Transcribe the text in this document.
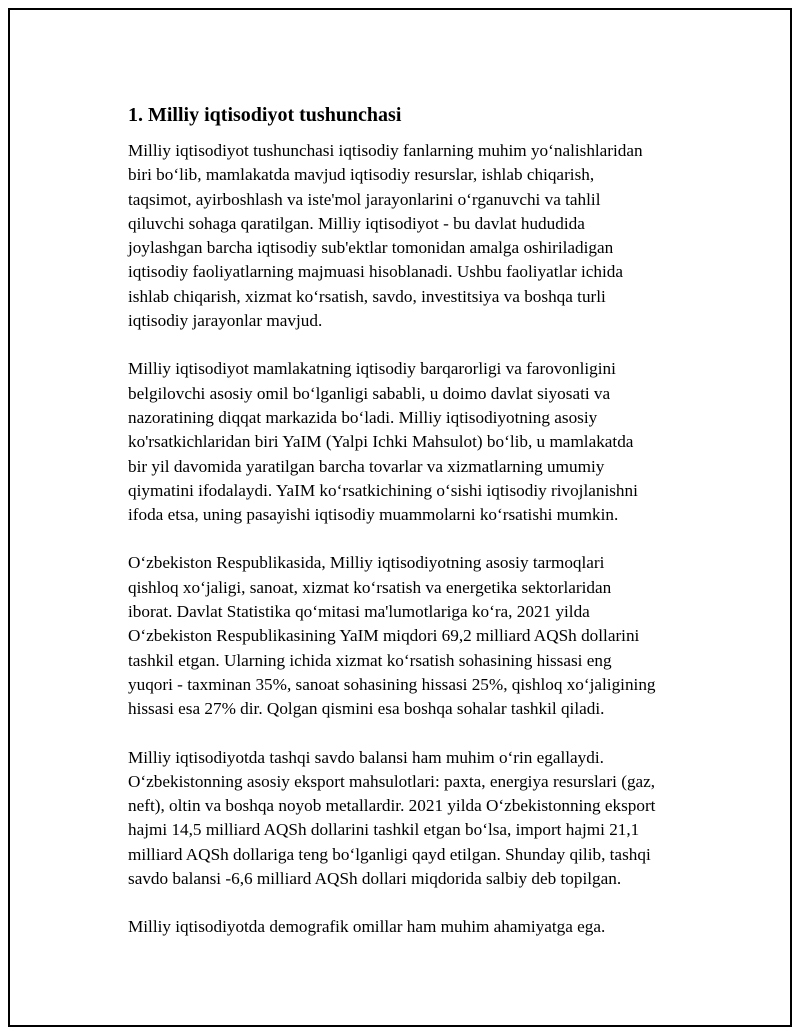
1. Milliy iqtisodiyot tushunchasi

Milliy iqtisodiyot tushunchasi iqtisodiy fanlarning muhim yo‘nalishlaridan
biri bo‘lib, mamlakatda mavjud iqtisodiy resurslar, ishlab chiqarish,
taqsimot, ayirboshlash va iste'mol jarayonlarini o‘rganuvchi va tahlil
qiluvchi sohaga qaratilgan. Milliy iqtisodiyot - bu davlat hududida
joylashgan barcha iqtisodiy sub'ektlar tomonidan amalga oshiriladigan
iqtisodiy faoliyatlarning majmuasi hisoblanadi. Ushbu faoliyatlar ichida
ishlab chiqarish, xizmat ko‘rsatish, savdo, investitsiya va boshqa turli
iqtisodiy jarayonlar mavjud.

Milliy iqtisodiyot mamlakatning iqtisodiy barqarorligi va farovonligini
belgilovchi asosiy omil bo‘lganligi sababli, u doimo davlat siyosati va
nazoratining diqqat markazida bo‘ladi. Milliy iqtisodiyotning asosiy
ko'rsatkichlaridan biri YaIM (Yalpi Ichki Mahsulot) bo‘lib, u mamlakatda
bir yil davomida yaratilgan barcha tovarlar va xizmatlarning umumiy
qiymatini ifodalaydi. YaIM ko‘rsatkichining o‘sishi iqtisodiy rivojlanishni
ifoda etsa, uning pasayishi iqtisodiy muammolarni ko‘rsatishi mumkin.

O‘zbekiston Respublikasida, Milliy iqtisodiyotning asosiy tarmoqlari
qishloq xo‘jaligi, sanoat, xizmat ko‘rsatish va energetika sektorlaridan
iborat. Davlat Statistika qo‘mitasi ma'lumotlariga ko‘ra, 2021 yilda
O‘zbekiston Respublikasining YaIM miqdori 69,2 milliard AQSh dollarini
tashkil etgan. Ularning ichida xizmat ko‘rsatish sohasining hissasi eng
yuqori - taxminan 35%, sanoat sohasining hissasi 25%, qishloq xo‘jaligining
hissasi esa 27% dir. Qolgan qismini esa boshqa sohalar tashkil qiladi.

Milliy iqtisodiyotda tashqi savdo balansi ham muhim o‘rin egallaydi.
O‘zbekistonning asosiy eksport mahsulotlari: paxta, energiya resurslari (gaz,
neft), oltin va boshqa noyob metallardir. 2021 yilda O‘zbekistonning eksport
hajmi 14,5 milliard AQSh dollarini tashkil etgan bo‘lsa, import hajmi 21,1
milliard AQSh dollariga teng bo‘lganligi qayd etilgan. Shunday qilib, tashqi
savdo balansi -6,6 milliard AQSh dollari miqdorida salbiy deb topilgan.

Milliy iqtisodiyotda demografik omillar ham muhim ahamiyatga ega.
